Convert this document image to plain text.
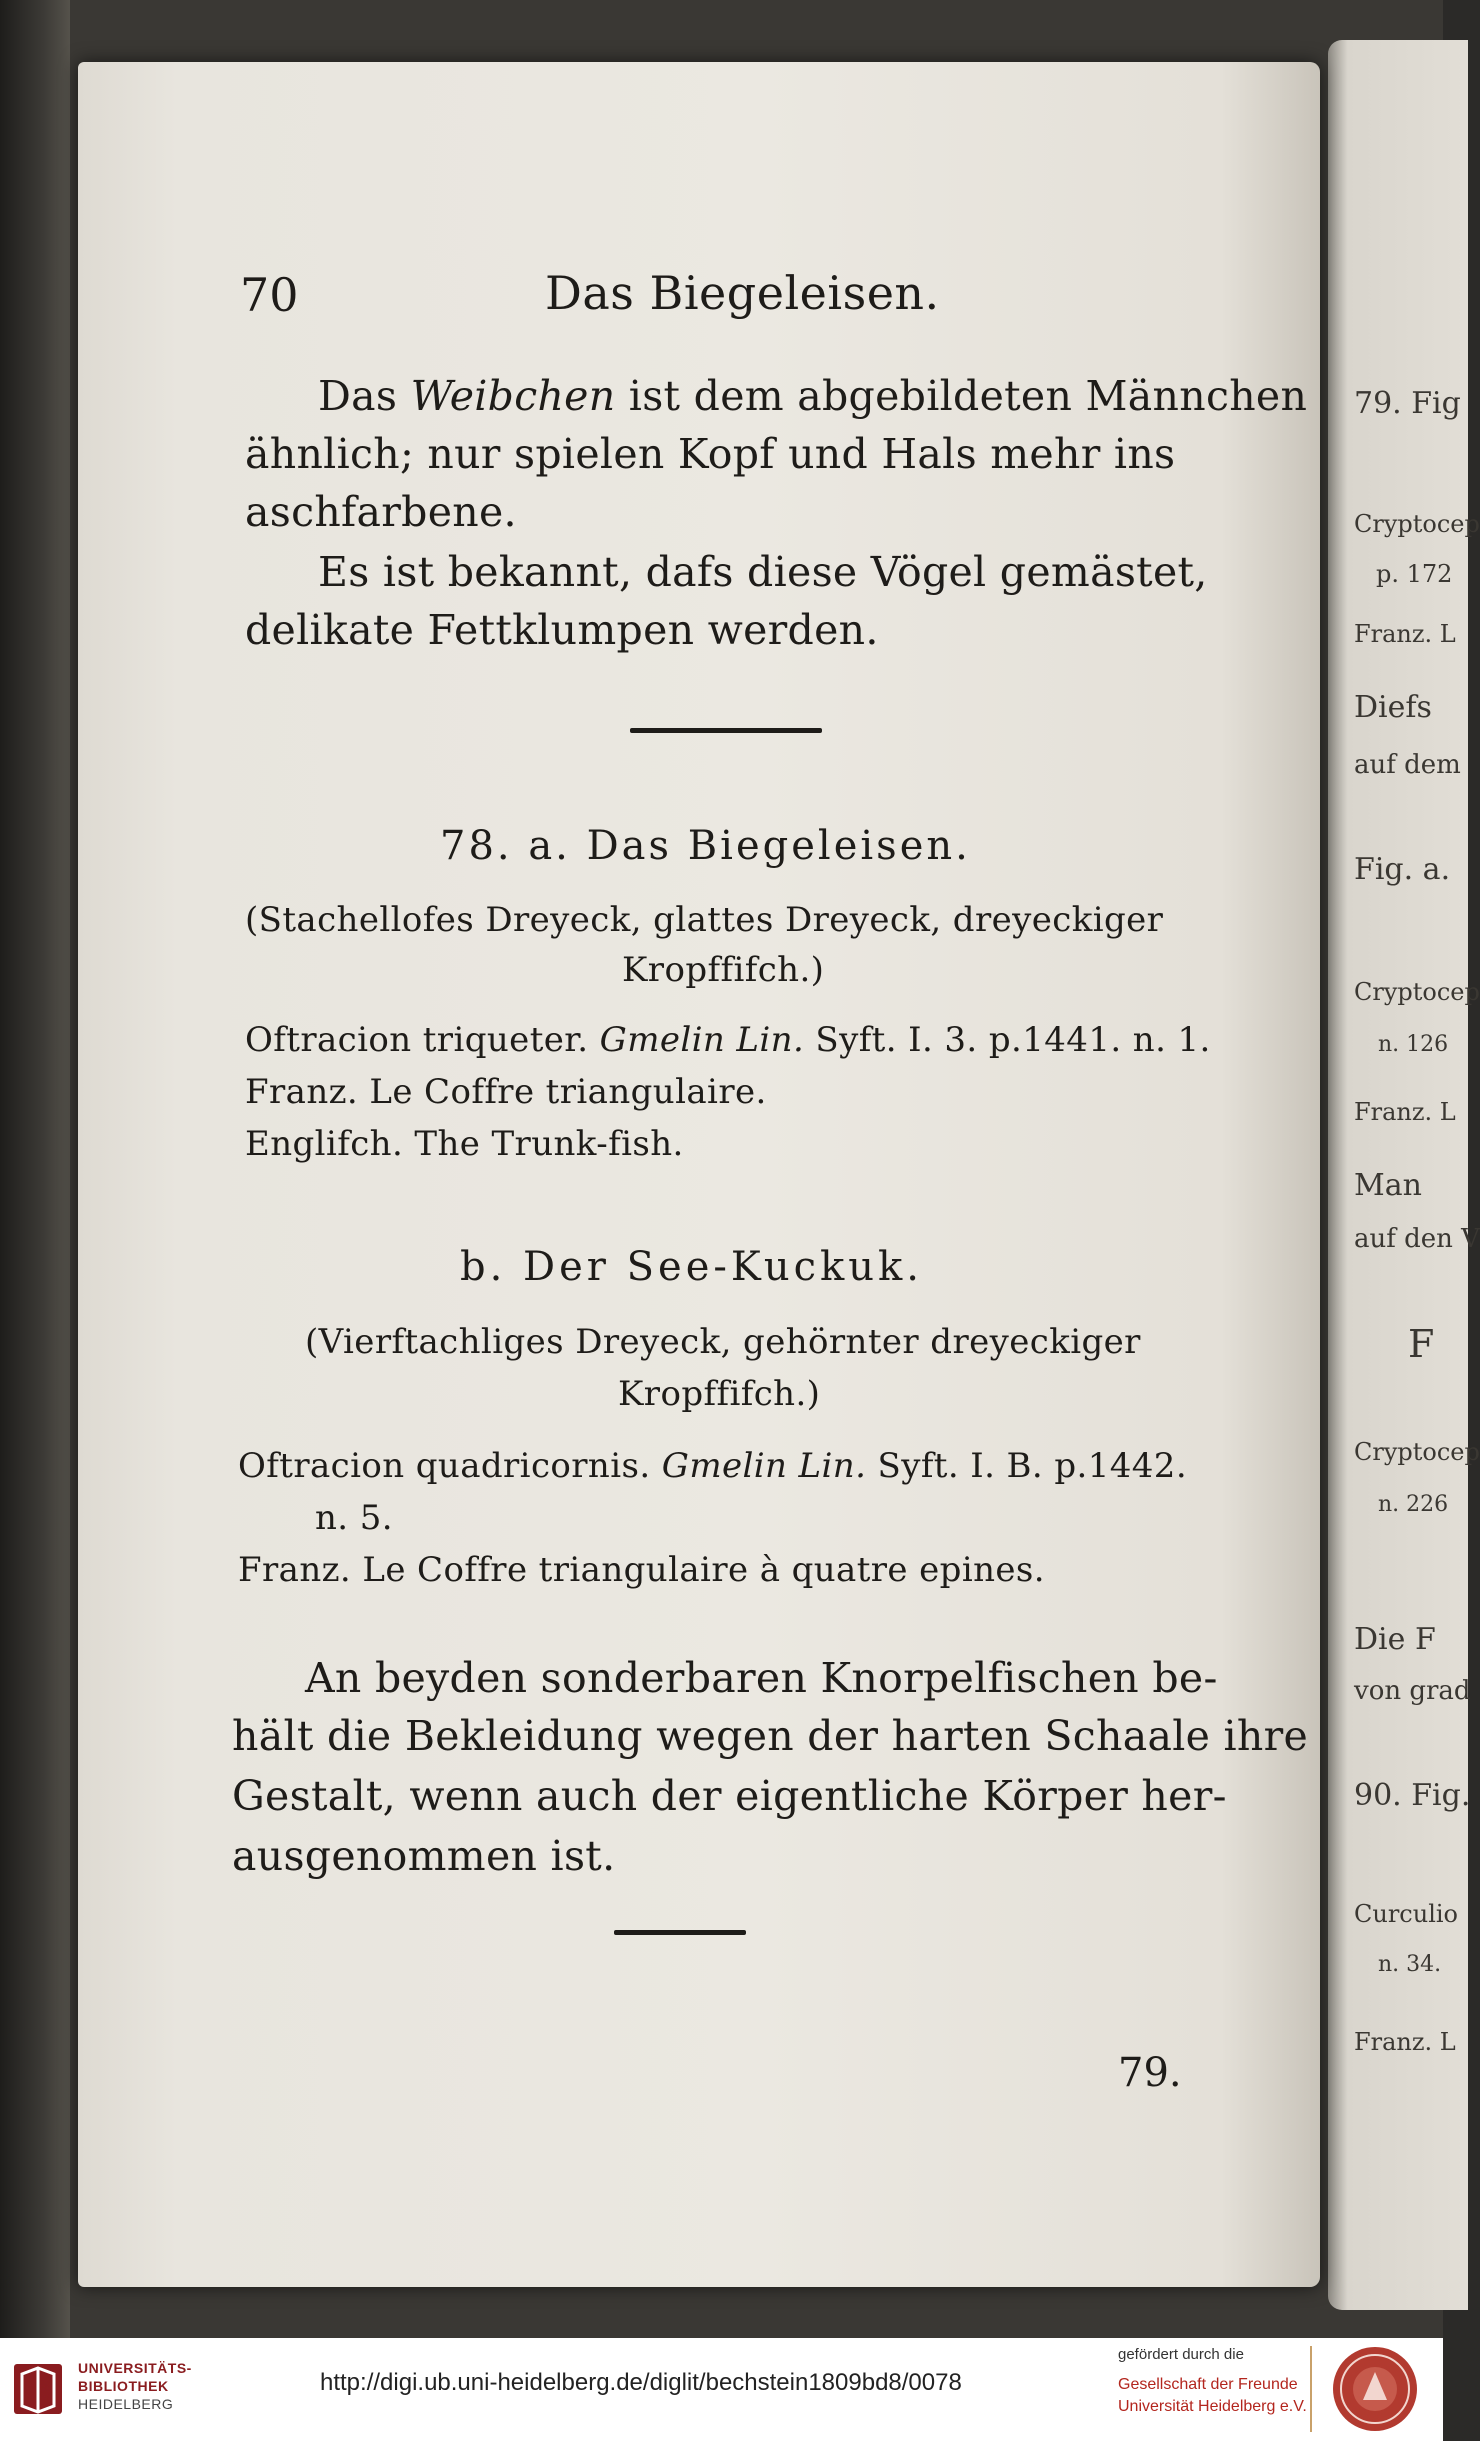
79. Fig
Cryptocep
p. 172
Franz. L
Diefs
auf dem
Fig. a.
Cryptocep
n. 126
Franz. L
Man
auf den V
F
Cryptocep
n. 226
Die F
von grad
90. Fig.
Curculio
n. 34.
Franz. L
70	Das Biegeleisen.
Das Weibchen ist dem abgebildeten Männchen
ähnlich; nur spielen Kopf und Hals mehr ins
aschfarbene.
Es ist bekannt, dafs diese Vögel gemästet,
delikate Fettklumpen werden.
78. a. Das Biegeleisen.
(Stachellofes Dreyeck, glattes Dreyeck, dreyeckiger
Kropffifch.)
Oftracion triqueter. Gmelin Lin. Syft. I. 3. p.1441. n. 1.
Franz. Le Coffre triangulaire.
Englifch. The Trunk-fish.
b. Der See-Kuckuk.
(Vierftachliges Dreyeck, gehörnter dreyeckiger
Kropffifch.)
Oftracion quadricornis. Gmelin Lin. Syft. I. B. p.1442.
n. 5.
Franz. Le Coffre triangulaire à quatre epines.
An beyden sonderbaren Knorpelfischen be-
hält die Bekleidung wegen der harten Schaale ihre
Gestalt, wenn auch der eigentliche Körper her-
ausgenommen ist.
79.
UNIVERSITÄTS-
BIBLIOTHEK
HEIDELBERG
http://digi.ub.uni-heidelberg.de/diglit/bechstein1809bd8/0078
gefördert durch die
Gesellschaft der Freunde
Universität Heidelberg e.V.
